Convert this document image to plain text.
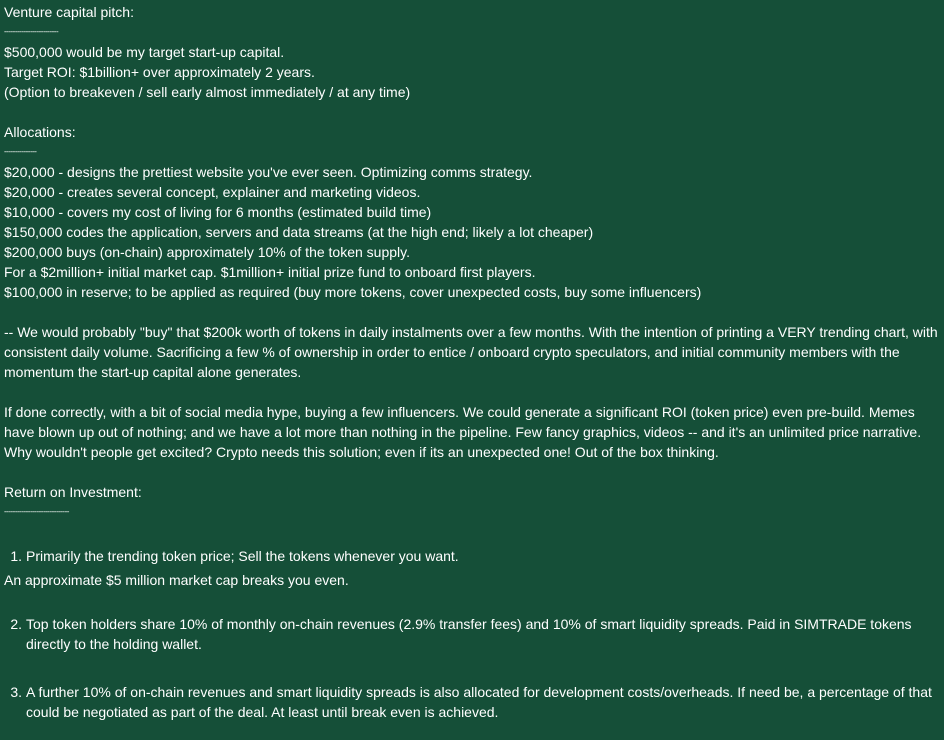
Venture capital pitch:
-------------------------
$500,000 would be my target start-up capital.
Target ROI: $1billion+ over approximately 2 years.
(Option to breakeven / sell early almost immediately / at any time)
Allocations:
---------------
$20,000 - designs the prettiest website you've ever seen. Optimizing comms strategy.
$20,000 - creates several concept, explainer and marketing videos.
$10,000 - covers my cost of living for 6 months (estimated build time)
$150,000 codes the application, servers and data streams (at the high end; likely a lot cheaper)
$200,000 buys (on-chain) approximately 10% of the token supply.
For a $2million+ initial market cap. $1million+ initial prize fund to onboard first players.
$100,000 in reserve; to be applied as required (buy more tokens, cover unexpected costs, buy some influencers)
-- We would probably "buy" that $200k worth of tokens in daily instalments over a few months. With the intention of printing a VERY trending chart, with consistent daily volume. Sacrificing a few % of ownership in order to entice / onboard crypto speculators, and initial community members with the momentum the start-up capital alone generates.
If done correctly, with a bit of social media hype, buying a few influencers. We could generate a significant ROI (token price) even pre-build. Memes have blown up out of nothing; and we have a lot more than nothing in the pipeline. Few fancy graphics, videos -- and it's an unlimited price narrative. Why wouldn't people get excited? Crypto needs this solution; even if its an unexpected one! Out of the box thinking.
Return on Investment:
------------------------------
1. Primarily the trending token price; Sell the tokens whenever you want.
An approximate $5 million market cap breaks you even.
2. Top token holders share 10% of monthly on-chain revenues (2.9% transfer fees) and 10% of smart liquidity spreads. Paid in SIMTRADE tokens directly to the holding wallet.
3. A further 10% of on-chain revenues and smart liquidity spreads is also allocated for development costs/overheads. If need be, a percentage of that could be negotiated as part of the deal. At least until break even is achieved.
